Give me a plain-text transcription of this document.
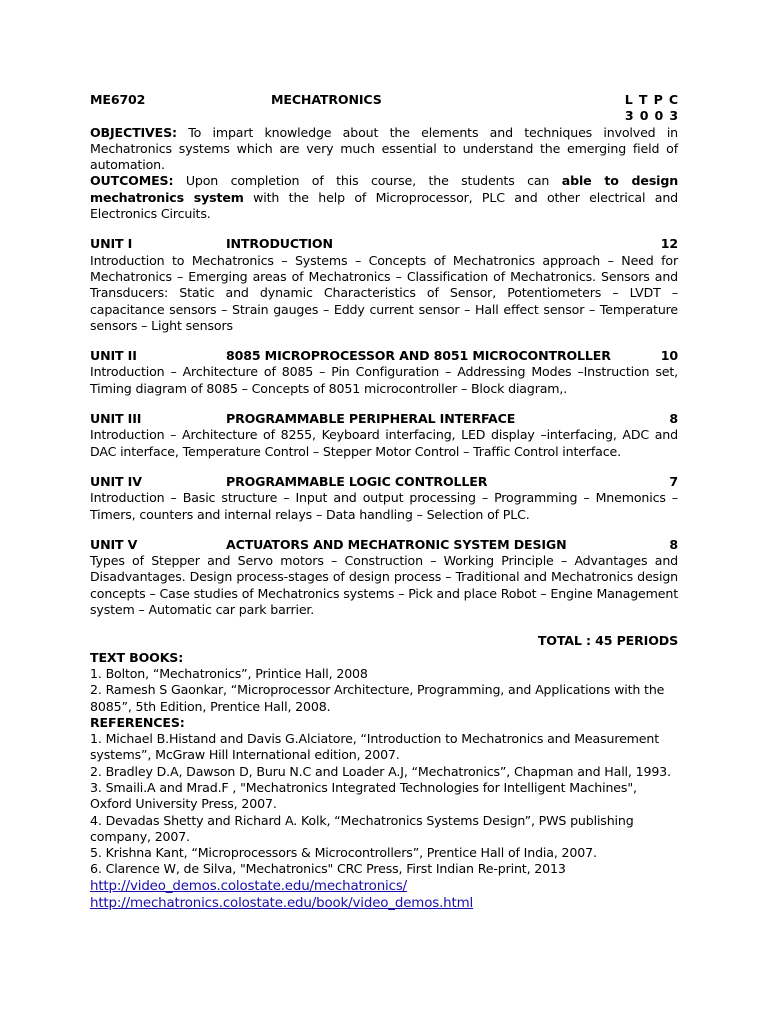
ME6702	MECHATRONICS	L T P C
3 0 0 3

OBJECTIVES: To impart knowledge about the elements and techniques involved in Mechatronics systems which are very much essential to understand the emerging field of automation.

OUTCOMES: Upon completion of this course, the students can able to design mechatronics system with the help of Microprocessor, PLC and other electrical and Electronics Circuits.

UNIT I	INTRODUCTION	12

Introduction to Mechatronics – Systems – Concepts of Mechatronics approach – Need for Mechatronics – Emerging areas of Mechatronics – Classification of Mechatronics. Sensors and Transducers: Static and dynamic Characteristics of Sensor, Potentiometers – LVDT – capacitance sensors – Strain gauges – Eddy current sensor – Hall effect sensor – Temperature sensors – Light sensors

UNIT II	8085 MICROPROCESSOR AND 8051 MICROCONTROLLER	10

Introduction – Architecture of 8085 – Pin Configuration – Addressing Modes –Instruction set, Timing diagram of 8085 – Concepts of 8051 microcontroller – Block diagram,.

UNIT III	PROGRAMMABLE PERIPHERAL INTERFACE	8

Introduction – Architecture of 8255, Keyboard interfacing, LED display –interfacing, ADC and DAC interface, Temperature Control – Stepper Motor Control – Traffic Control interface.

UNIT IV	PROGRAMMABLE LOGIC CONTROLLER	7

Introduction – Basic structure – Input and output processing – Programming – Mnemonics – Timers, counters and internal relays – Data handling – Selection of PLC.

UNIT V	ACTUATORS AND MECHATRONIC SYSTEM DESIGN	8

Types of Stepper and Servo motors – Construction – Working Principle – Advantages and Disadvantages. Design process-stages of design process – Traditional and Mechatronics design concepts – Case studies of Mechatronics systems – Pick and place Robot – Engine Management system – Automatic car park barrier.

TOTAL : 45 PERIODS
TEXT BOOKS:

1. Bolton, “Mechatronics”, Printice Hall, 2008

2. Ramesh S Gaonkar, “Microprocessor Architecture, Programming, and Applications with the 8085”, 5th Edition, Prentice Hall, 2008.

REFERENCES:

1. Michael B.Histand and Davis G.Alciatore, “Introduction to Mechatronics and Measurement systems”, McGraw Hill International edition, 2007.

2. Bradley D.A, Dawson D, Buru N.C and Loader A.J, “Mechatronics”, Chapman and Hall, 1993.

3. Smaili.A and Mrad.F , "Mechatronics Integrated Technologies for Intelligent Machines", Oxford University Press, 2007.

4. Devadas Shetty and Richard A. Kolk, “Mechatronics Systems Design”, PWS publishing company, 2007.

5. Krishna Kant, “Microprocessors & Microcontrollers”, Prentice Hall of India, 2007.

6. Clarence W, de Silva, "Mechatronics" CRC Press, First Indian Re-print, 2013

http://video_demos.colostate.edu/mechatronics/
http://mechatronics.colostate.edu/book/video_demos.html
